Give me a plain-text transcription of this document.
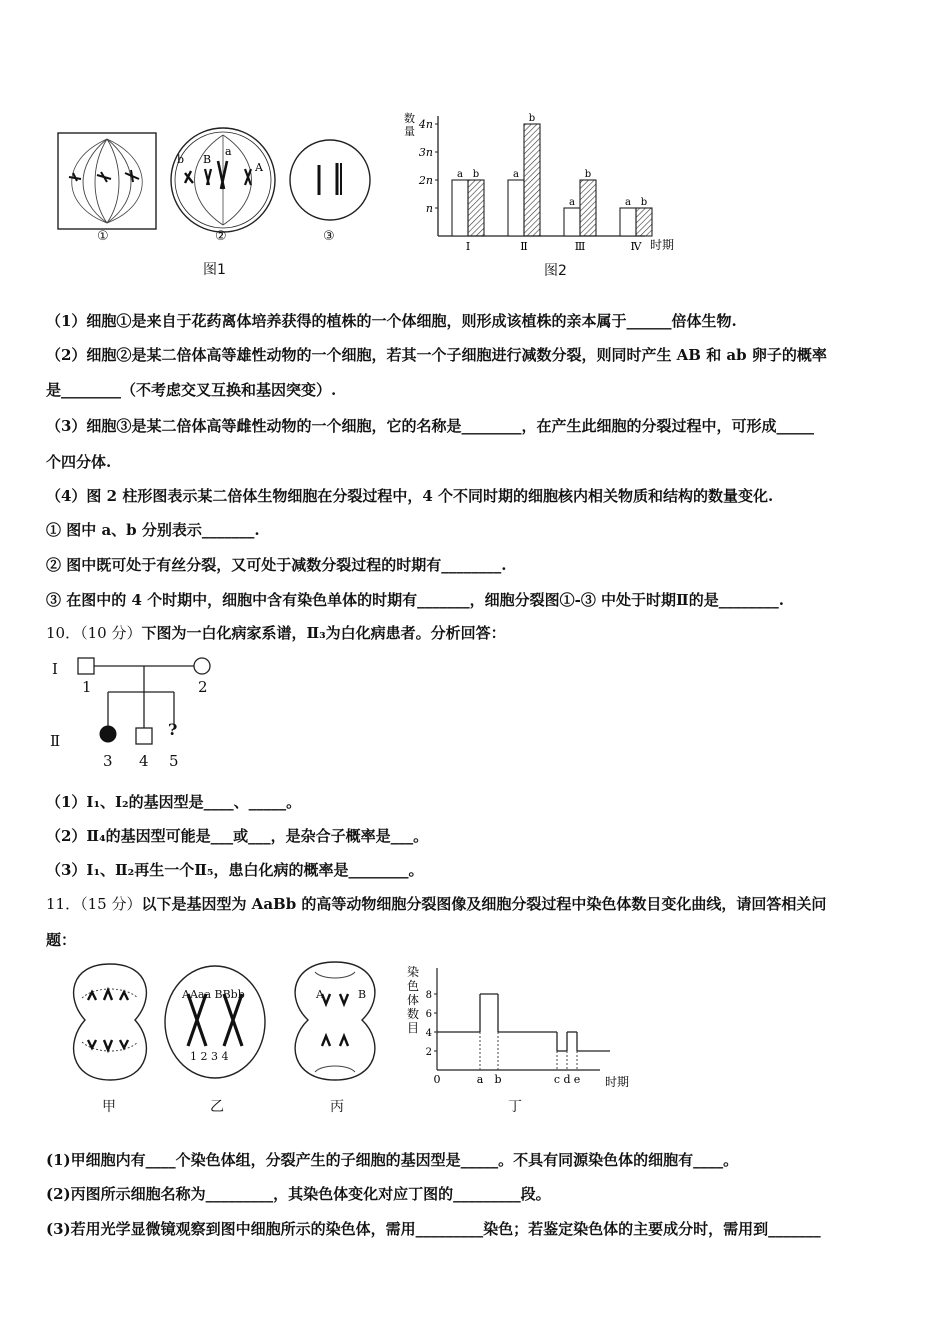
b B
a
A
①	②	③
图1
数
量
时期
n
2n
3n
4n
a b
Ⅰ
a
b
Ⅱ
a
b
Ⅲ
a b
Ⅳ
图2
（1）细胞①是来自于花药离体培养获得的植株的一个体细胞，则形成该植株的亲本属于______倍体生物.
（2）细胞②是某二倍体高等雄性动物的一个细胞，若其一个子细胞进行减数分裂，则同时产生 AB 和 ab 卵子的概率
是________（不考虑交叉互换和基因突变）.
（3）细胞③是某二倍体高等雌性动物的一个细胞，它的名称是________，在产生此细胞的分裂过程中，可形成_____
个四分体.
（4）图 2 柱形图表示某二倍体生物细胞在分裂过程中，4 个不同时期的细胞核内相关物质和结构的数量变化.
① 图中 a、b 分别表示_______.
② 图中既可处于有丝分裂，又可处于减数分裂过程的时期有________.
③ 在图中的 4 个时期中，细胞中含有染色单体的时期有_______，细胞分裂图①-③ 中处于时期Ⅱ的是________.
10．（10 分）下图为一白化病家系谱，Ⅱ₃为白化病患者。分析回答：
Ⅰ
Ⅱ
1	2
?
3 4 5
（1）Ⅰ₁、Ⅰ₂的基因型是____、_____。
（2）Ⅱ₄的基因型可能是___或___，是杂合子概率是___。
（3）Ⅰ₁、Ⅱ₂再生一个Ⅱ₅，患白化病的概率是________。
11．（15 分）以下是基因型为 AaBb 的高等动物细胞分裂图像及细胞分裂过程中染色体数目变化曲线，请回答相关问
题：
AAaa BBbb
1 2 3 4
A	B
甲	乙	丙
染
色
体
数
目
2
4
6
8
0	a b	c d e 时期
丁
(1)甲细胞内有____个染色体组，分裂产生的子细胞的基因型是_____。不具有同源染色体的细胞有____。
(2)丙图所示细胞名称为_________，其染色体变化对应丁图的_________段。
(3)若用光学显微镜观察到图中细胞所示的染色体，需用_________染色；若鉴定染色体的主要成分时，需用到_______
